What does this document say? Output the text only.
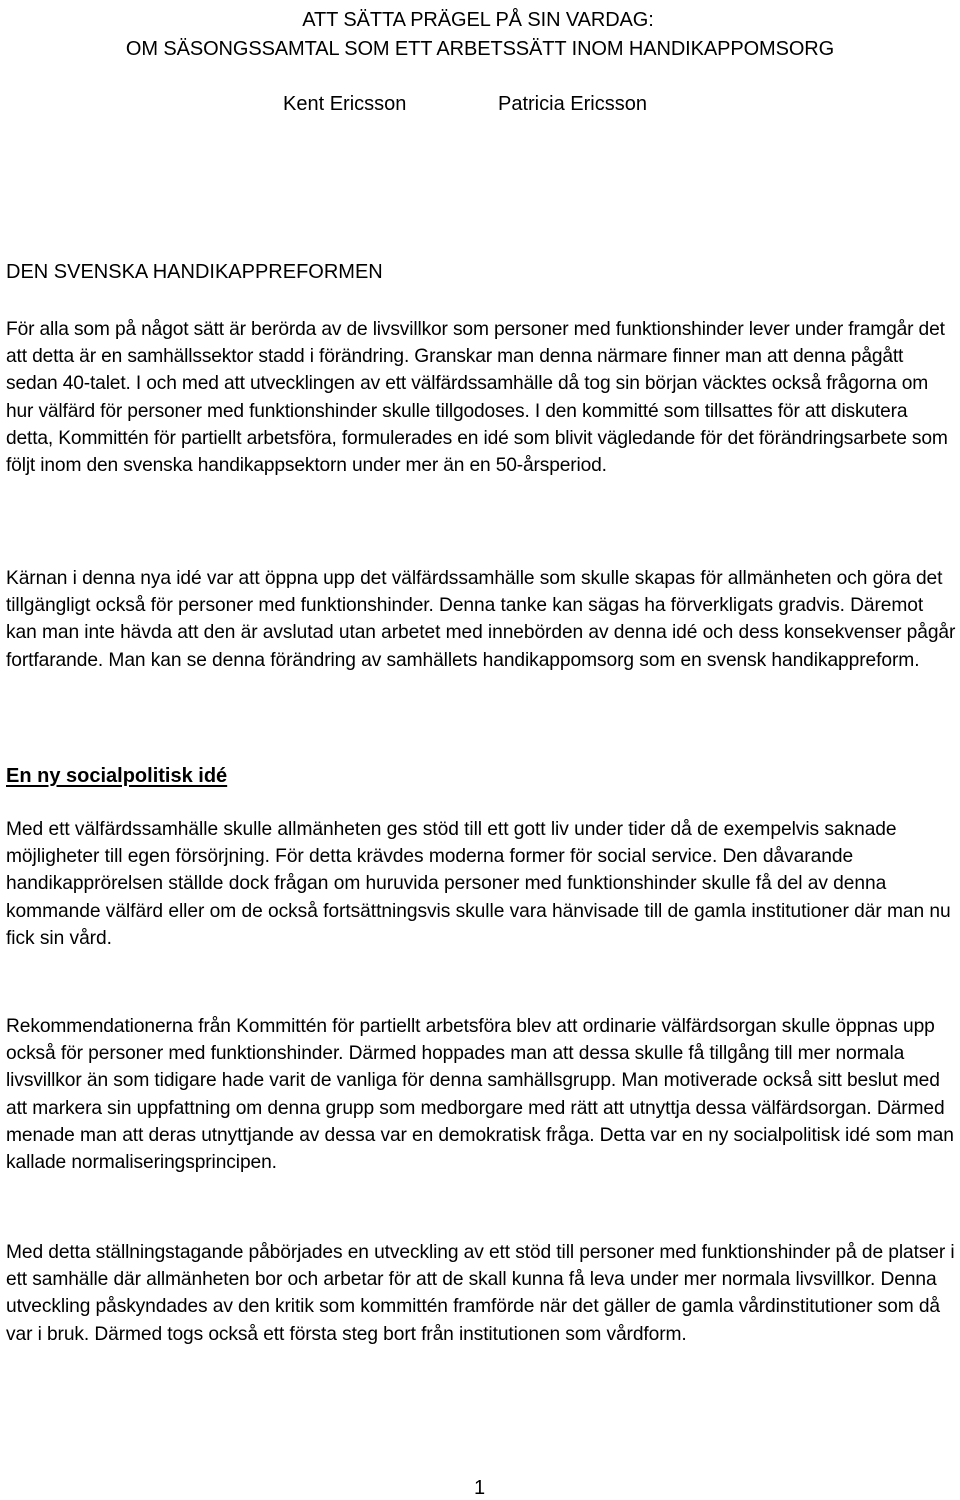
ATT SÄTTA PRÄGEL PÅ SIN VARDAG:
OM SÄSONGSSAMTAL SOM ETT ARBETSSÄTT INOM HANDIKAPPOMSORG
Kent Ericsson	Patricia Ericsson
DEN SVENSKA HANDIKAPPREFORMEN

För alla som på något sätt är berörda av de livsvillkor som personer med funktionshinder lever under framgår det att detta är en samhällssektor stadd i förändring. Granskar man denna närmare finner man att denna pågått sedan 40-talet. I och med att utvecklingen av ett välfärdssamhälle då tog sin början väcktes också frågorna om hur välfärd för personer med funktionshinder skulle tillgodoses. I den kommitté som tillsattes för att diskutera detta, Kommittén för partiellt arbetsföra, formulerades en idé som blivit vägledande för det förändringsarbete som följt inom den svenska handikappsektorn under mer än en 50-årsperiod.

Kärnan i denna nya idé var att öppna upp det välfärdssamhälle som skulle skapas för allmänheten och göra det tillgängligt också för personer med funktionshinder. Denna tanke kan sägas ha förverkligats gradvis. Däremot kan man inte hävda att den är avslutad utan arbetet med innebörden av denna idé och dess konsekvenser pågår fortfarande. Man kan se denna förändring av samhällets handikappomsorg som en svensk handikappreform.

En ny socialpolitisk idé

Med ett välfärdssamhälle skulle allmänheten ges stöd till ett gott liv under tider då de exempelvis saknade möjligheter till egen försörjning. För detta krävdes moderna former för social service. Den dåvarande handikapprörelsen ställde dock frågan om huruvida personer med funktionshinder skulle få del av denna kommande välfärd eller om de också fortsättningsvis skulle vara hänvisade till de gamla institutioner där man nu fick sin vård.

Rekommendationerna från Kommittén för partiellt arbetsföra blev att ordinarie välfärdsorgan skulle öppnas upp också för personer med funktionshinder. Därmed hoppades man att dessa skulle få tillgång till mer normala livsvillkor än som tidigare hade varit de vanliga för denna samhällsgrupp. Man motiverade också sitt beslut med att markera sin uppfattning om denna grupp som medborgare med rätt att utnyttja dessa välfärdsorgan. Därmed menade man att deras utnyttjande av dessa var en demokratisk fråga. Detta var en ny socialpolitisk idé som man kallade normaliseringsprincipen.

Med detta ställningstagande påbörjades en utveckling av ett stöd till personer med funktionshinder på de platser i ett samhälle där allmänheten bor och arbetar för att de skall kunna få leva under mer normala livsvillkor. Denna utveckling påskyndades av den kritik som kommittén framförde när det gäller de gamla vårdinstitutioner som då var i bruk. Därmed togs också ett första steg bort från institutionen som vårdform.

1
